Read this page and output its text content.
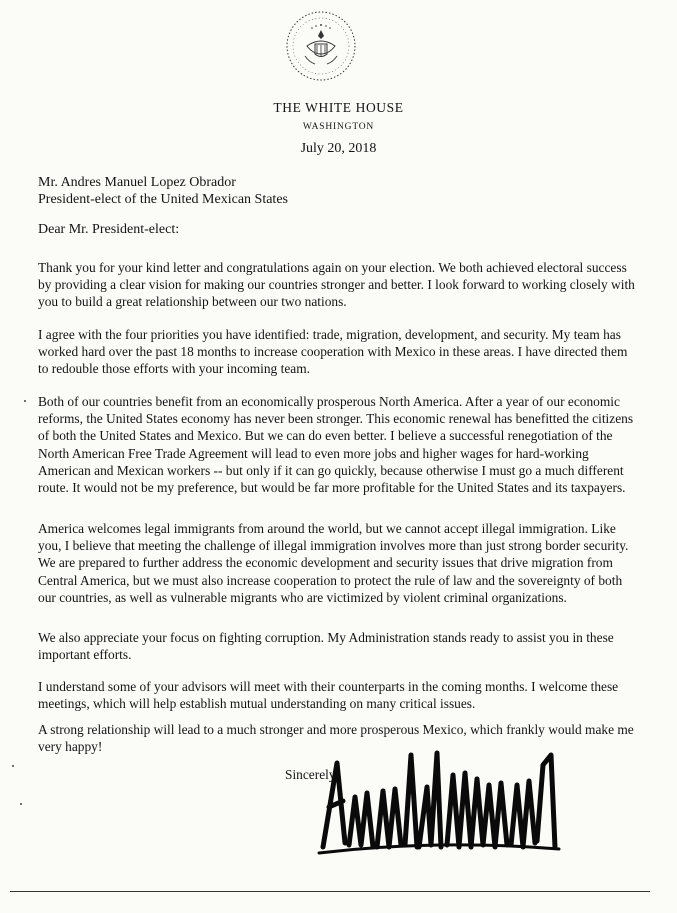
THE WHITE HOUSE
WASHINGTON
July 20, 2018
Mr. Andres Manuel Lopez Obrador
President-elect of the United Mexican States
Dear Mr. President-elect:

Thank you for your kind letter and congratulations again on your election. We both achieved electoral success by providing a clear vision for making our countries stronger and better. I look forward to working closely with you to build a great relationship between our two nations.

I agree with the four priorities you have identified: trade, migration, development, and security. My team has worked hard over the past 18 months to increase cooperation with Mexico in these areas. I have directed them to redouble those efforts with your incoming team.

Both of our countries benefit from an economically prosperous North America. After a year of our economic reforms, the United States economy has never been stronger. This economic renewal has benefitted the citizens of both the United States and Mexico. But we can do even better. I believe a successful renegotiation of the North American Free Trade Agreement will lead to even more jobs and higher wages for hard-working American and Mexican workers -- but only if it can go quickly, because otherwise I must go a much different route. It would not be my preference, but would be far more profitable for the United States and its taxpayers.

America welcomes legal immigrants from around the world, but we cannot accept illegal immigration. Like you, I believe that meeting the challenge of illegal immigration involves more than just strong border security. We are prepared to further address the economic development and security issues that drive migration from Central America, but we must also increase cooperation to protect the rule of law and the sovereignty of both our countries, as well as vulnerable migrants who are victimized by violent criminal organizations.

We also appreciate your focus on fighting corruption. My Administration stands ready to assist you in these important efforts.

I understand some of your advisors will meet with their counterparts in the coming months. I welcome these meetings, which will help establish mutual understanding on many critical issues.

A strong relationship will lead to a much stronger and more prosperous Mexico, which frankly would make me very happy!

Sincerely,
